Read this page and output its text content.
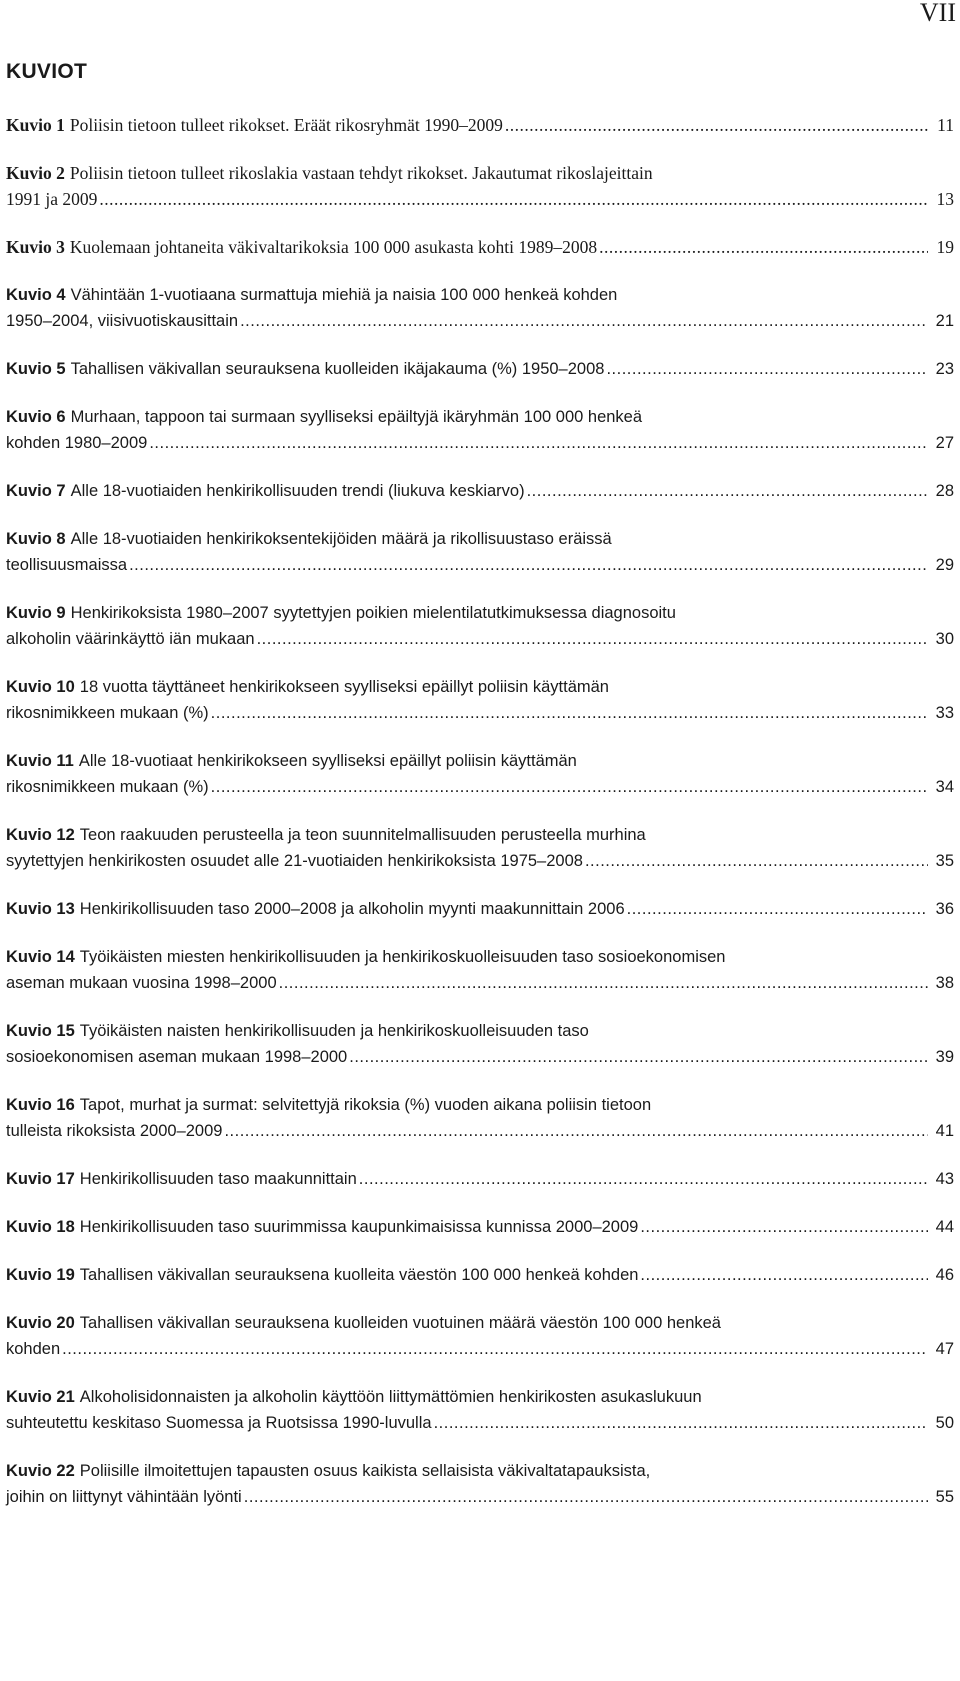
VII
KUVIOT
Kuvio 1 Poliisin tietoon tulleet rikokset. Eräät rikosryhmät 1990–2009 .....	11
Kuvio 2 Poliisin tietoon tulleet rikoslakia vastaan tehdyt rikokset. Jakautumat rikoslajeittain
1991 ja 2009 .....	13
Kuvio 3 Kuolemaan johtaneita väkivaltarikoksia 100 000 asukasta kohti 1989–2008 .....	19
Kuvio 4 Vähintään 1-vuotiaana surmattuja miehiä ja naisia 100 000 henkeä kohden
1950–2004, viisivuotiskausittain .....	21
Kuvio 5 Tahallisen väkivallan seurauksena kuolleiden ikäjakauma (%) 1950–2008 .....	23
Kuvio 6 Murhaan, tappoon tai surmaan syylliseksi epäiltyjä ikäryhmän 100 000 henkeä
kohden 1980–2009 .....	27
Kuvio 7 Alle 18-vuotiaiden henkirikollisuuden trendi (liukuva keskiarvo) .....	28
Kuvio 8 Alle 18-vuotiaiden henkirikoksentekijöiden määrä ja rikollisuustaso eräissä
teollisuusmaissa .....	29
Kuvio 9 Henkirikoksista 1980–2007 syytettyjen poikien mielentilatutkimuksessa diagnosoitu
alkoholin väärinkäyttö iän mukaan .....	30
Kuvio 10 18 vuotta täyttäneet henkirikokseen syylliseksi epäillyt poliisin käyttämän
rikosnimikkeen mukaan (%) .....	33
Kuvio 11 Alle 18-vuotiaat henkirikokseen syylliseksi epäillyt poliisin käyttämän
rikosnimikkeen mukaan (%) .....	34
Kuvio 12 Teon raakuuden perusteella ja teon suunnitelmallisuuden perusteella murhina
syytettyjen henkirikosten osuudet alle 21-vuotiaiden henkirikoksista 1975–2008 .....	35
Kuvio 13 Henkirikollisuuden taso 2000–2008 ja alkoholin myynti maakunnittain 2006 .....	36
Kuvio 14 Työikäisten miesten henkirikollisuuden ja henkirikoskuolleisuuden taso sosioekonomisen
aseman mukaan vuosina 1998–2000 .....	38
Kuvio 15 Työikäisten naisten henkirikollisuuden ja henkirikoskuolleisuuden taso
sosioekonomisen aseman mukaan 1998–2000 .....	39
Kuvio 16 Tapot, murhat ja surmat: selvitettyjä rikoksia (%) vuoden aikana poliisin tietoon
tulleista rikoksista 2000–2009 .....	41
Kuvio 17 Henkirikollisuuden taso maakunnittain .....	43
Kuvio 18 Henkirikollisuuden taso suurimmissa kaupunkimaisissa kunnissa 2000–2009 .....	44
Kuvio 19 Tahallisen väkivallan seurauksena kuolleita väestön 100 000 henkeä kohden .....	46
Kuvio 20 Tahallisen väkivallan seurauksena kuolleiden vuotuinen määrä väestön 100 000 henkeä
kohden .....	47
Kuvio 21 Alkoholisidonnaisten ja alkoholin käyttöön liittymättömien henkirikosten asukaslukuun
suhteutettu keskitaso Suomessa ja Ruotsissa 1990-luvulla .....	50
Kuvio 22 Poliisille ilmoitettujen tapausten osuus kaikista sellaisista väkivaltatapauksista,
joihin on liittynyt vähintään lyönti .....	55
